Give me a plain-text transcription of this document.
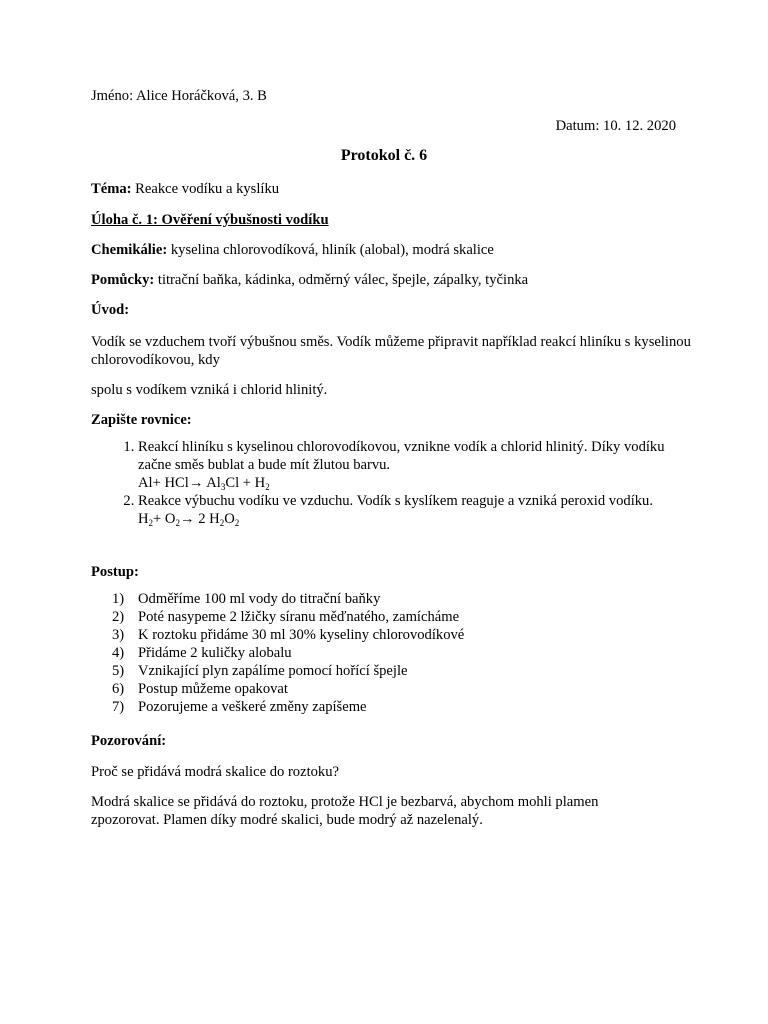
Jméno: Alice Horáčková, 3. B
Datum: 10. 12. 2020
Protokol č. 6
Téma: Reakce vodíku a kyslíku
Úloha č. 1: Ověření výbušnosti vodíku
Chemikálie: kyselina chlorovodíková, hliník (alobal), modrá skalice
Pomůcky: titrační baňka, kádinka, odměrný válec, špejle, zápalky, tyčinka
Úvod:
Vodík se vzduchem tvoří výbušnou směs. Vodík můžeme připravit například reakcí hliníku s kyselinou chlorovodíkovou, kdy
spolu s vodíkem vzniká i chlorid hlinitý.
Zapište rovnice:
1. Reakcí hliníku s kyselinou chlorovodíkovou, vznikne vodík a chlorid hlinitý. Díky vodíku začne směs bublat a bude mít žlutou barvu.
$Al+ HCl\to Al_3Cl + H_2$
2. Reakce výbuchu vodíku ve vzduchu. Vodík s kyslíkem reaguje a vzniká peroxid vodíku.
$H_2+ O_2\to 2$ $H_2O_2$
Postup:
1) Odměříme 100 ml vody do titrační baňky
2) Poté nasypeme 2 lžičky síranu měďnatého, zamícháme
3) K roztoku přidáme 30 ml 30% kyseliny chlorovodíkové
4) Přidáme 2 kuličky alobalu
5) Vznikající plyn zapálíme pomocí hořící špejle
6) Postup můžeme opakovat
7) Pozorujeme a veškeré změny zapíšeme
Pozorování:
Proč se přidává modrá skalice do roztoku?
Modrá skalice se přidává do roztoku, protože HCl je bezbarvá, abychom mohli plamen zpozorovat. Plamen díky modré skalici, bude modrý až nazelenalý.
